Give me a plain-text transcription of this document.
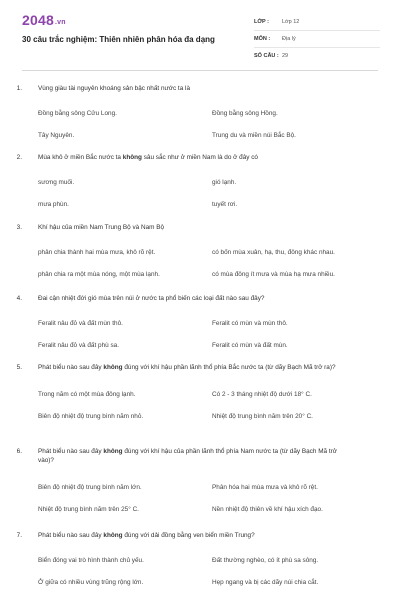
2048.vn
30 câu trắc nghiệm: Thiên nhiên phân hóa đa dạng
LỚP :	Lớp 12
MÔN :	Địa lý
SỐ CÂU : 29
1.	Vùng giàu tài nguyên khoáng sản bậc nhất nước ta là
Đồng bằng sông Cửu Long.	Đồng bằng sông Hồng.
Tây Nguyên.	Trung du và miền núi Bắc Bộ.
2.	Mùa khô ở miền Bắc nước ta không sâu sắc như ở miền Nam là do ở đây có
sương muối.	gió lạnh.
mưa phùn.	tuyết rơi.
3.	Khí hậu của miền Nam Trung Bộ và Nam Bộ
phân chia thành hai mùa mưa, khô rõ rệt.	có bốn mùa xuân, hạ, thu, đông khác nhau.
phân chia ra một mùa nóng, một mùa lạnh.	có mùa đông ít mưa và mùa hạ mưa nhiều.
4.	Đai cận nhiệt đới gió mùa trên núi ở nước ta phổ biến các loại đất nào sau đây?
Feralit nâu đỏ và đất mùn thô.	Feralit có mùn và mùn thô.
Feralit nâu đỏ và đất phù sa.	Feralit có mùn và đất mùn.
5.	Phát biểu nào sau đây không đúng với khí hậu phần lãnh thổ phía Bắc nước ta (từ dãy Bạch Mã trở ra)?
Trong năm có một mùa đông lạnh.	Có 2 - 3 tháng nhiệt độ dưới 18° C.
Biên độ nhiệt độ trung bình năm nhỏ.	Nhiệt độ trung bình năm trên 20° C.
6.	Phát biểu nào sau đây không đúng với khí hậu của phần lãnh thổ phía Nam nước ta (từ dãy Bạch Mã trở vào)?
Biên độ nhiệt độ trung bình năm lớn.	Phân hóa hai mùa mưa và khô rõ rệt.
Nhiệt độ trung bình năm trên 25° C.	Nền nhiệt độ thiên về khí hậu xích đạo.
7.	Phát biểu nào sau đây không đúng với dải đồng bằng ven biển miền Trung?
Biển đóng vai trò hình thành chủ yếu.	Đất thường nghèo, có ít phù sa sông.
Ở giữa có nhiều vùng trũng rộng lớn.	Hẹp ngang và bị các dãy núi chia cắt.
